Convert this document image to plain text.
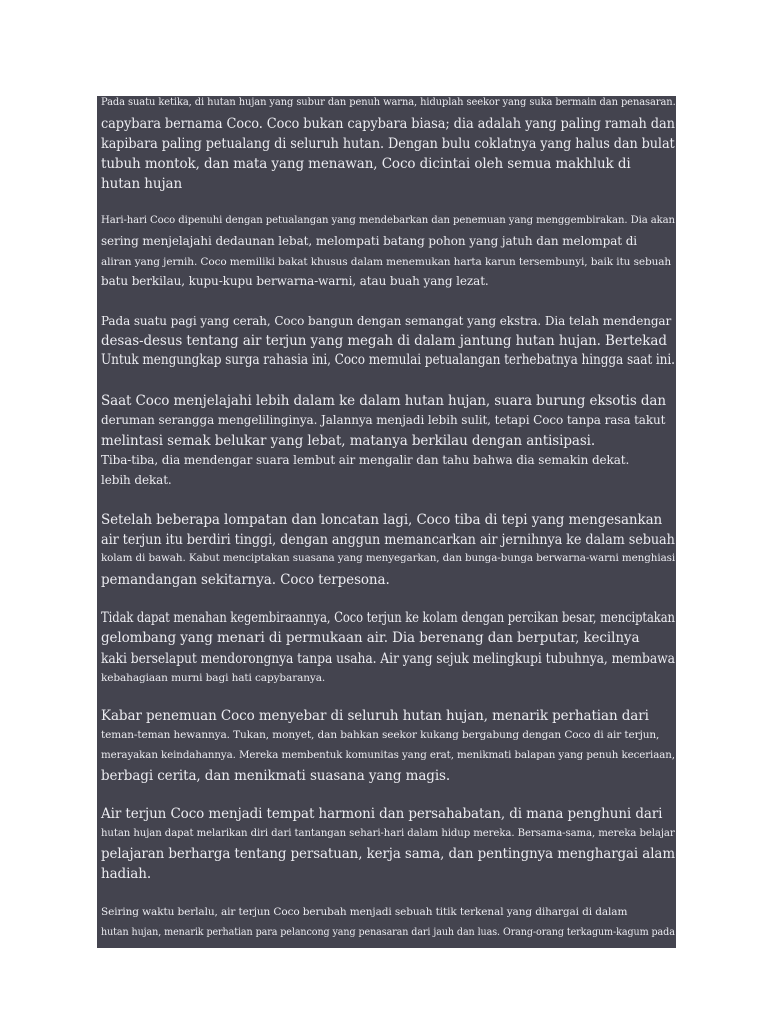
Pada suatu ketika, di hutan hujan yang subur dan penuh warna, hiduplah seekor yang suka bermain dan penasaran.
capybara bernama Coco. Coco bukan capybara biasa; dia adalah yang paling ramah dan
kapibara paling petualang di seluruh hutan. Dengan bulu coklatnya yang halus dan bulat
tubuh montok, dan mata yang menawan, Coco dicintai oleh semua makhluk di
hutan hujan
Hari-hari Coco dipenuhi dengan petualangan yang mendebarkan dan penemuan yang menggembirakan. Dia akan
sering menjelajahi dedaunan lebat, melompati batang pohon yang jatuh dan melompat di
aliran yang jernih. Coco memiliki bakat khusus dalam menemukan harta karun tersembunyi, baik itu sebuah
batu berkilau, kupu-kupu berwarna-warni, atau buah yang lezat.
Pada suatu pagi yang cerah, Coco bangun dengan semangat yang ekstra. Dia telah mendengar
desas-desus tentang air terjun yang megah di dalam jantung hutan hujan. Bertekad
Untuk mengungkap surga rahasia ini, Coco memulai petualangan terhebatnya hingga saat ini.
Saat Coco menjelajahi lebih dalam ke dalam hutan hujan, suara burung eksotis dan
deruman serangga mengelilinginya. Jalannya menjadi lebih sulit, tetapi Coco tanpa rasa takut
melintasi semak belukar yang lebat, matanya berkilau dengan antisipasi.
Tiba-tiba, dia mendengar suara lembut air mengalir dan tahu bahwa dia semakin dekat.
lebih dekat.
Setelah beberapa lompatan dan loncatan lagi, Coco tiba di tepi yang mengesankan
air terjun itu berdiri tinggi, dengan anggun memancarkan air jernihnya ke dalam sebuah
kolam di bawah. Kabut menciptakan suasana yang menyegarkan, dan bunga-bunga berwarna-warni menghiasi
pemandangan sekitarnya. Coco terpesona.
Tidak dapat menahan kegembiraannya, Coco terjun ke kolam dengan percikan besar, menciptakan
gelombang yang menari di permukaan air. Dia berenang dan berputar, kecilnya
kaki berselaput mendorongnya tanpa usaha. Air yang sejuk melingkupi tubuhnya, membawa
kebahagiaan murni bagi hati capybaranya.
Kabar penemuan Coco menyebar di seluruh hutan hujan, menarik perhatian dari
teman-teman hewannya. Tukan, monyet, dan bahkan seekor kukang bergabung dengan Coco di air terjun,
merayakan keindahannya. Mereka membentuk komunitas yang erat, menikmati balapan yang penuh keceriaan,
berbagi cerita, dan menikmati suasana yang magis.
Air terjun Coco menjadi tempat harmoni dan persahabatan, di mana penghuni dari
hutan hujan dapat melarikan diri dari tantangan sehari-hari dalam hidup mereka. Bersama-sama, mereka belajar
pelajaran berharga tentang persatuan, kerja sama, dan pentingnya menghargai alam
hadiah.
Seiring waktu berlalu, air terjun Coco berubah menjadi sebuah titik terkenal yang dihargai di dalam
hutan hujan, menarik perhatian para pelancong yang penasaran dari jauh dan luas. Orang-orang terkagum-kagum pada
